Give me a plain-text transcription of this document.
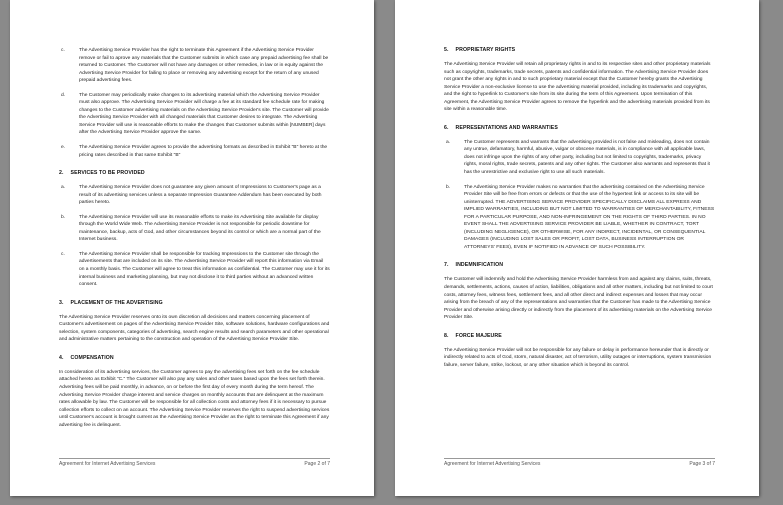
c.	The Advertising Service Provider has the right to terminate this Agreement if the Advertising Service Provider remove or fail to aprove any materials that the Customer submits in which case any prepaid advertising fee shall be returned to Customer. The Customer will not have any damages or other remedies, in law or in equity against the Advertising Service Provider for failing to place or removing any advertising except for the return of any unused prepaid advertising fees.
d.	The Customer may periodically make changes to its advertising material which the Advertising Service Provider must also approve. The Advertising Service Provider will charge a fee at its standard fee schedule rate for making changes to the Customer advertising materials on the Advertising Service Provider's site. The Customer will provide the Advertising Service Provider with all changed materials that Customer desires to integrate. The Advertising Service Provider will use is reasonable efforts to make the changes that Customer submits within [NUMBER] days after the Advertising Service Provider approve the same.
e.	The Advertising Service Provider agrees to provide the advertising formats as described in Exhibit "B" hereto at the pricing rates described in that same Exhibit "B"
2. SERVICES TO BE PROVIDED
a.	The Advertising Service Provider does not guarantee any given amount of Impressions to Customer's page as a result of its advertising services unless a separate Impression Guarantee Addendum has been executed by both parties hereto.
b.	The Advertising Service Provider will use its reasonable efforts to make its Advertising Site available for display through the World Wide Web. The Advertising Service Provider is not responsible for periodic downtime for maintenance, backup, acts of God, and other circumstances beyond its control or which are a normal part of the Internet business.
c.	The Advertising Service Provider shall be responsible for tracking Impressions to the Customer site through the advertisements that are included on its site. The Advertising Service Provider will report this information via Email on a monthly basis. The Customer will agree to treat this information as confidential. The Customer may use it for its internal business and marketing planning, but may not disclose it to third parties without an advanced written consent.
3. PLACEMENT OF THE ADVERTISING

The Advertising Service Provider reserves onto its own discretion all decisions and matters concerning placement of Customer's advertisement on pages of the Advertising Service Provider Site, software solutions, hardware configurations and selection, system components, categories of advertising, search engine results and search parameters and other operational and administrative matters pertaining to the construction and operation of the Advertising Service Provider Site.

4. COMPENSATION

In consideration of its advertising services, the Customer agrees to pay the advertising fees set forth on the fee schedule attached hereto as Exhibit "C." The Customer will also pay any sales and other taxes based upon the fees set forth therein. Advertising fees will be paid monthly, in advance, on or before the first day of every month during the term hereof. The Advertising Service Provider charge interest and service charges on monthly accounts that are delinquent at the maximum rates allowable by law. The Customer will be responsible for all collection costs and attorney fees if it is necessary to pursue collection efforts to collect on an account. The Advertising Service Provider reserves the right to suspend advertising services until Customer's account is brought current as the Advertising Service Provider as the right to terminate this Agreement if any advertising fee is delinquent.

Agreement for Internet Advertising Services	Page 2 of 7
5. PROPRIETARY RIGHTS

The Advertising Service Provider will retain all proprietary rights in and to its respective sites and other proprietary materials such as copyrights, trademarks, trade secrets, patents and confidential information. The Advertising Service Provider does not grant the other any rights in and to such proprietary material except that the Customer hereby grants the Advertising Service Provider a non-exclusive license to use the advertising material provided, including its trademarks and copyrights, and the right to hyperlink to Customer's site from its site during the term of this Agreement. Upon termination of this Agreement, the Advertising Service Provider agrees to remove the hyperlink and the advertising materials provided from its site within a reasonable time.

6. REPRESENTATIONS AND WARRANTIES
a.	The Customer represents and warrants that the advertising provided is not false and misleading, does not contain any untrue, defamatory, harmful, abusive, vulgar or obscene materials, is in compliance with all applicable laws, does not infringe upon the rights of any other party, including but not limited to copyrights, trademarks, privacy rights, moral rights, trade secrets, patents and any other rights. The Customer also warrants and represents that it has the unrestrictive and exclusive right to use all such materials.
b.	The Advertising Service Provider makes no warranties that the advertising contained on the Advertising Service Provider Site will be free from errors or defects or that the use of the hypertext link or access to its site will be uninterrupted. THE ADVERTISING SERVICE PROVIDER SPECIFICALLY DISCLAIMS ALL EXPRESS AND IMPLIED WARRANTIES, INCLUDING BUT NOT LIMITED TO WARRANTIES OF MERCHANTABILITY, FITNESS FOR A PARTICULAR PURPOSE, AND NON-INFRINGEMENT ON THE RIGHTS OF THIRD PARTIES. IN NO EVENT SHALL THE ADVERTISING SERVICE PROVIDER BE LIABLE, WHETHER IN CONTRACT, TORT (INCLUDING NEGLIGENCE), OR OTHERWISE, FOR ANY INDIRECT, INCIDENTAL, OR CONSEQUENTIAL DAMAGES (INCLUDING LOST SALES OR PROFIT, LOST DATA, BUSINESS INTERRUPTION OR ATTORNEYS' FEES), EVEN IF NOTIFIED IN ADVANCE OF SUCH POSSIBILITY.
7. INDEMNIFICATION

The Customer will indemnify and hold the Advertising Service Provider harmless from and against any claims, suits, threats, demands, settlements, actions, causes of action, liabilities, obligations and all other matters, including but not limited to court costs, attorney fees, witness fees, settlement fees, and all other direct and indirect expenses and losses that may occur arising from the breach of any of the representations and warranties that the Customer has made to the Advertising Service Provider and otherwise arising directly or indirectly from the placement of its advertising materials on the Advertising Service Provider Site.

8. FORCE MAJEURE

The Advertising Service Provider will not be responsible for any failure or delay in performance hereunder that is directly or indirectly related to acts of God, storm, natural disaster, act of terrorism, utility outages or interruptions, system transmission failure, server failure, strike, lockout, or any other situation which is beyond its control.

Agreement for Internet Advertising Services	Page 3 of 7
